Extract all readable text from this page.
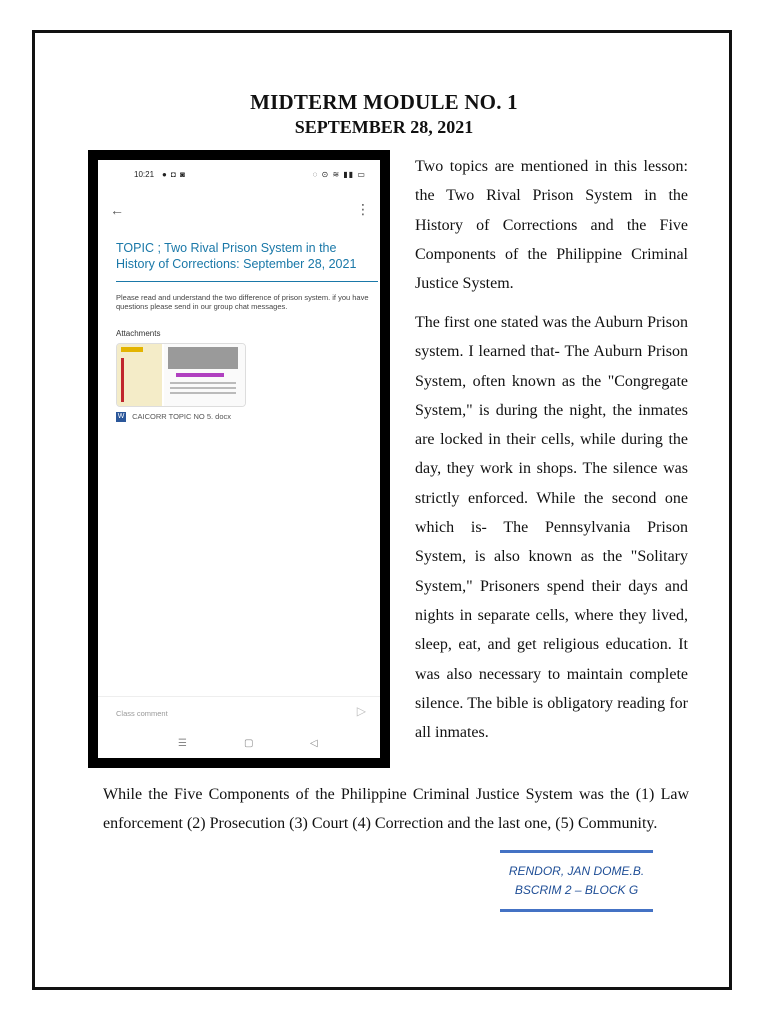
MIDTERM MODULE NO. 1
SEPTEMBER 28, 2021
10:21 ● ◘ ◙	◌ ⊙ ≋ ▮▮ ▭
←	⋮
TOPIC ; Two Rival Prison System in the History of Corrections: September 28, 2021
Please read and understand the two difference of prison system. if you have questions please send in our group chat messages.
Attachments
W CAICORR TOPIC NO 5. docx
Class comment	▷
☰	▢	◁

Two topics are mentioned in this lesson: the Two Rival Prison System in the History of Corrections and the Five Components of the Philippine Criminal Justice System.

The first one stated was the Auburn Prison system. I learned that- The Auburn Prison System, often known as the "Congregate System," is during the night, the inmates are locked in their cells, while during the day, they work in shops. The silence was strictly enforced. While the second one which is- The Pennsylvania Prison System, is also known as the "Solitary System," Prisoners spend their days and nights in separate cells, where they lived, sleep, eat, and get religious education. It was also necessary to maintain complete silence. The bible is obligatory reading for all inmates.

While the Five Components of the Philippine Criminal Justice System was the (1) Law enforcement (2) Prosecution (3) Court (4) Correction and the last one, (5) Community.

RENDOR, JAN DOME.B.
BSCRIM 2 – BLOCK G
